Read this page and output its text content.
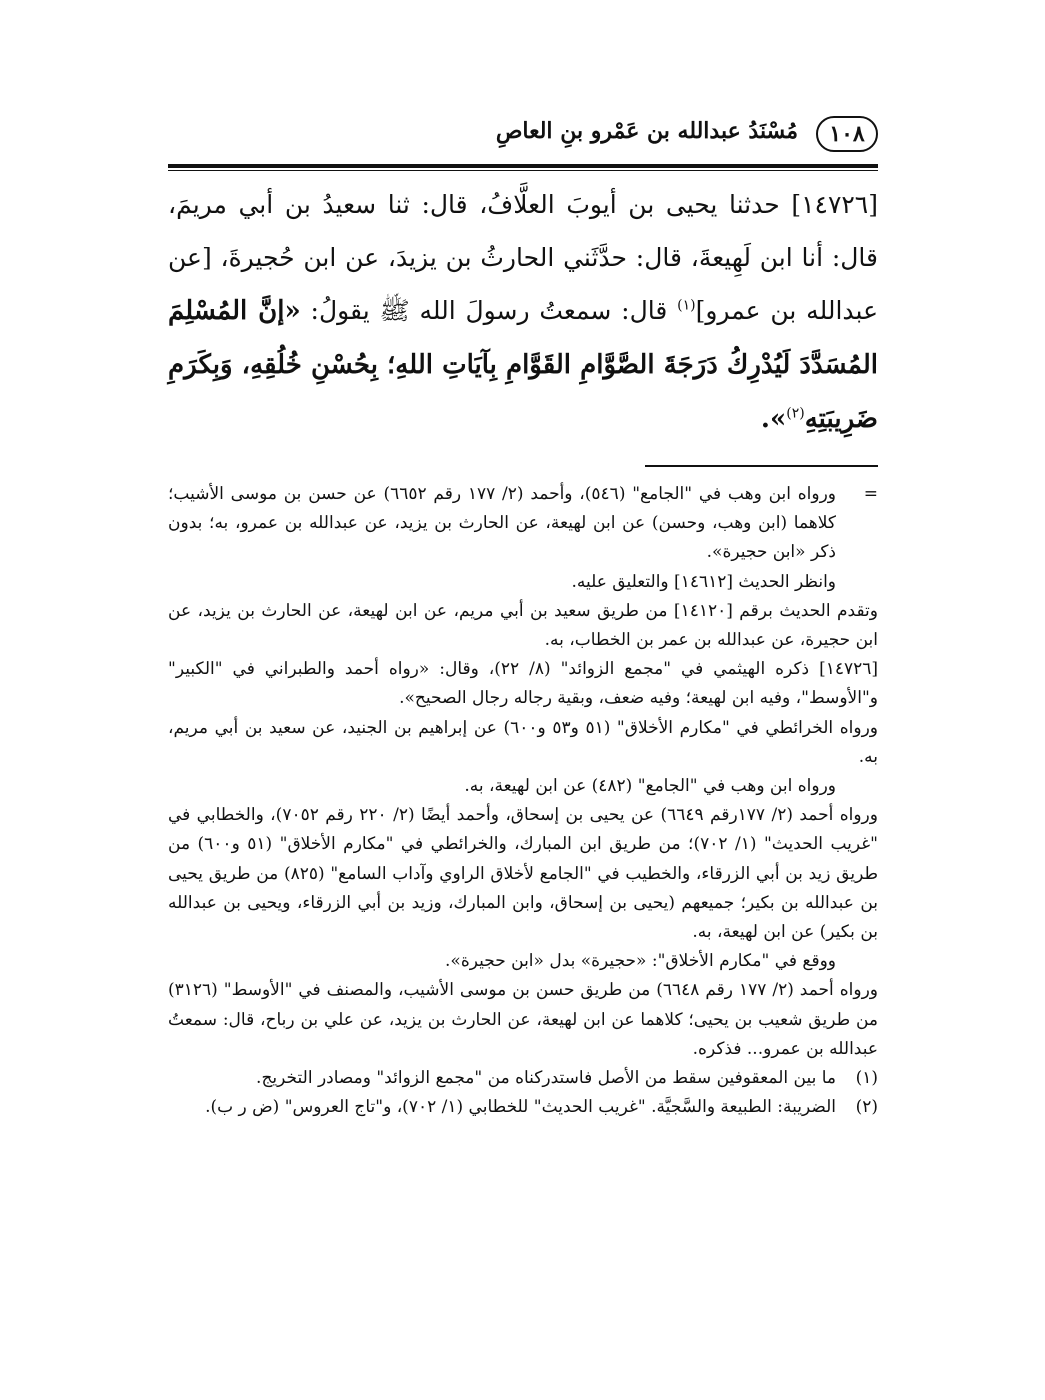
١٠٨
مُسْنَدُ عبدالله بن عَمْرو بنِ العاصِ

[١٤٧٢٦] حدثنا يحيى بن أيوبَ العلَّافُ، قال: ثنا سعيدُ بن أبي مريمَ، قال: أنا ابن لَهِيعةَ، قال: حدَّثَني الحارثُ بن يزيدَ، عن ابن حُجيرةَ، [عن عبدالله بن عمرو]$^{(١)}$ قال: سمعتُ رسولَ الله ﷺ يقولُ: «إنَّ المُسْلِمَ المُسَدَّدَ لَيُدْرِكُ دَرَجَةَ الصَّوَّامِ القَوَّامِ بِآيَاتِ اللهِ؛ بِحُسْنِ خُلُقِهِ، وَبِكَرَمِ ضَرِيبَتِهِ$^{(٢)}$».

=
ورواه ابن وهب في "الجامع" (٥٤٦)، وأحمد (٢/ ١٧٧ رقم ٦٦٥٢) عن حسن بن موسى الأشيب؛ كلاهما (ابن وهب، وحسن) عن ابن لهيعة، عن الحارث بن يزيد، عن عبدالله بن عمرو، به؛ بدون ذكر «ابن حجيرة».
وانظر الحديث [١٤٦١٢] والتعليق عليه.
وتقدم الحديث برقم [١٤١٢٠] من طريق سعيد بن أبي مريم، عن ابن لهيعة، عن الحارث بن يزيد، عن ابن حجيرة، عن عبدالله بن عمر بن الخطاب، به.
[١٤٧٢٦] ذكره الهيثمي في "مجمع الزوائد" (٨/ ٢٢)، وقال: «رواه أحمد والطبراني في "الكبير" و"الأوسط"، وفيه ابن لهيعة؛ وفيه ضعف، وبقية رجاله رجال الصحيح».
ورواه الخرائطي في "مكارم الأخلاق" (٥١ و٥٣ و٦٠٠) عن إبراهيم بن الجنيد، عن سعيد بن أبي مريم، به.
ورواه ابن وهب في "الجامع" (٤٨٢) عن ابن لهيعة، به.
ورواه أحمد (٢/ ١٧٧رقم ٦٦٤٩) عن يحيى بن إسحاق، وأحمد أيضًا (٢/ ٢٢٠ رقم ٧٠٥٢)، والخطابي في "غريب الحديث" (١/ ٧٠٢)؛ من طريق ابن المبارك، والخرائطي في "مكارم الأخلاق" (٥١ و٦٠٠) من طريق زيد بن أبي الزرقاء، والخطيب في "الجامع لأخلاق الراوي وآداب السامع" (٨٢٥) من طريق يحيى بن عبدالله بن بكير؛ جميعهم (يحيى بن إسحاق، وابن المبارك، وزيد بن أبي الزرقاء، ويحيى بن عبدالله بن بكير) عن ابن لهيعة، به.
ووقع في "مكارم الأخلاق": «حجيرة» بدل «ابن حجيرة».
ورواه أحمد (٢/ ١٧٧ رقم ٦٦٤٨) من طريق حسن بن موسى الأشيب، والمصنف في "الأوسط" (٣١٢٦) من طريق شعيب بن يحيى؛ كلاهما عن ابن لهيعة، عن الحارث بن يزيد، عن علي بن رباح، قال: سمعتُ عبدالله بن عمرو... فذكره.
(١)
ما بين المعقوفين سقط من الأصل فاستدركناه من "مجمع الزوائد" ومصادر التخريج.
(٢)
الضريبة: الطبيعة والسَّجيَّة. "غريب الحديث" للخطابي (١/ ٧٠٢)، و"تاج العروس" (ض ر ب).
